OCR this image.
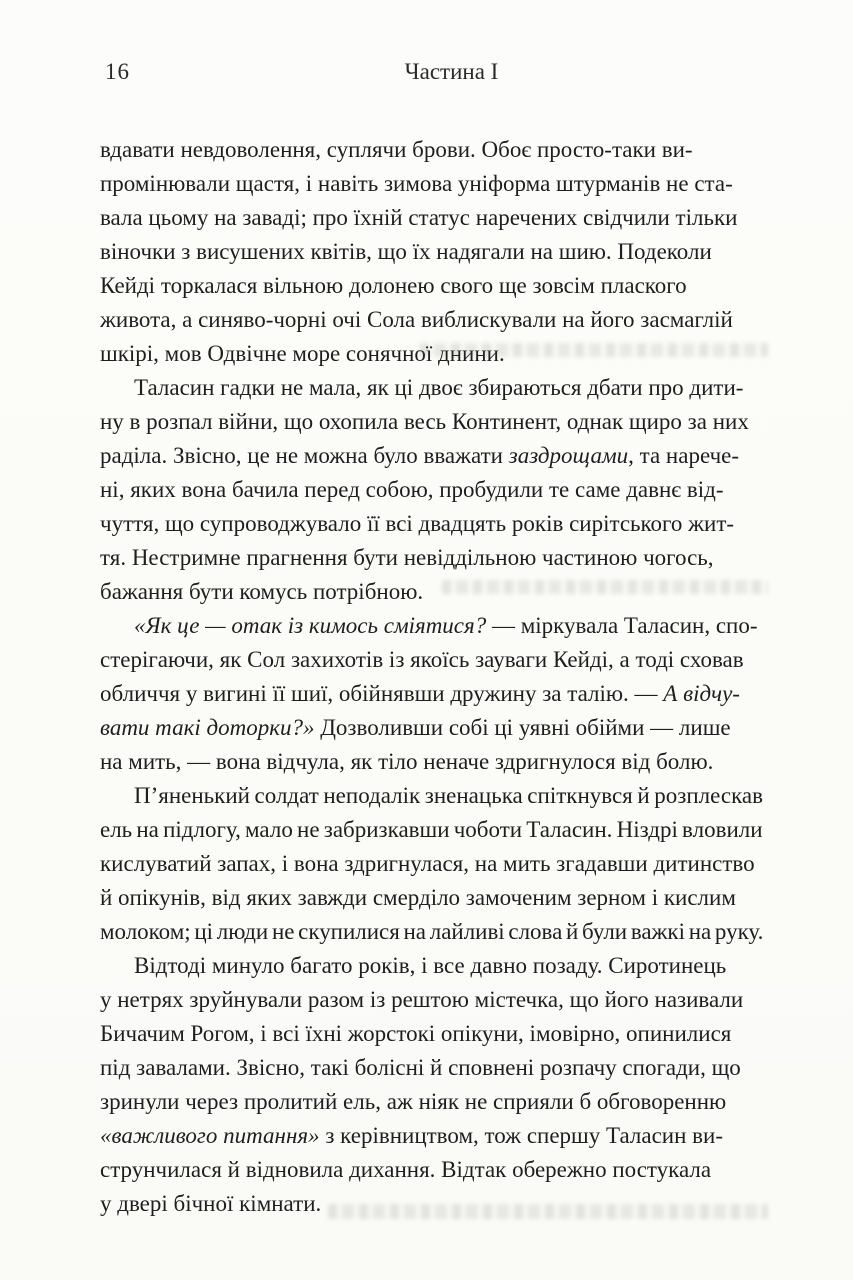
16	Частина I
вдавати невдоволення, суплячи брови. Обоє просто-таки ви-
промінювали щастя, і навіть зимова уніформа штурманів не ста-
вала цьому на заваді; про їхній статус наречених свідчили тільки
віночки з висушених квітів, що їх надягали на шию. Подеколи
Кейді торкалася вільною долонею свого ще зовсім плаского
живота, а синяво-чорні очі Сола виблискували на його засмаглій
шкірі, мов Одвічне море сонячної днини.
Таласин гадки не мала, як ці двоє збираються дбати про дити-
ну в розпал війни, що охопила весь Континент, однак щиро за них
раділа. Звісно, це не можна було вважати заздрощами, та нарече-
ні, яких вона бачила перед собою, пробудили те саме давнє від-
чуття, що супроводжувало її всі двадцять років сирітського жит-
тя. Нестримне прагнення бути невіддільною частиною чогось,
бажання бути комусь потрібною.
«Як це — отак із кимось сміятися? — міркувала Таласин, спо-
стерігаючи, як Сол захихотів із якоїсь зауваги Кейді, а тоді сховав
обличчя у вигині її шиї, обійнявши дружину за талію. — А відчу-
вати такі доторки?» Дозволивши собі ці уявні обійми — лише
на мить, — вона відчула, як тіло неначе здригнулося від болю.
П’яненький солдат неподалік зненацька спіткнувся й розплескав
ель на підлогу, мало не забризкавши чоботи Таласин. Ніздрі вловили
кислуватий запах, і вона здригнулася, на мить згадавши дитинство
й опікунів, від яких завжди смерділо замоченим зерном і кислим
молоком; ці люди не скупилися на лайливі слова й були важкі на руку.
Відтоді минуло багато років, і все давно позаду. Сиротинець
у нетрях зруйнували разом із рештою містечка, що його називали
Бичачим Рогом, і всі їхні жорстокі опікуни, імовірно, опинилися
під завалами. Звісно, такі болісні й сповнені розпачу спогади, що
зринули через пролитий ель, аж ніяк не сприяли б обговоренню
«важливого питання» з керівництвом, тож спершу Таласин ви-
струнчилася й відновила дихання. Відтак обережно постукала
у двері бічної кімнати.
